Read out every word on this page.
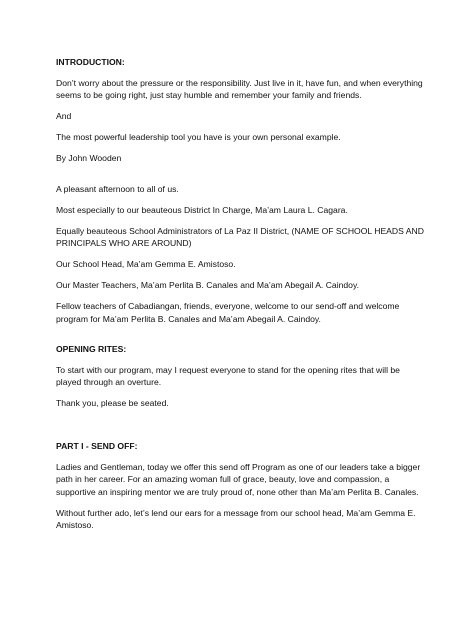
INTRODUCTION:
Don’t worry about the pressure or the responsibility. Just live in it, have fun, and when everything seems to be going right, just stay humble and remember your family and friends.
And
The most powerful leadership tool you have is your own personal example.
By John Wooden
A pleasant afternoon to all of us.
Most especially to our beauteous District In Charge, Ma’am Laura L. Cagara.
Equally beauteous School Administrators of La Paz II District, (NAME OF SCHOOL HEADS AND PRINCIPALS WHO ARE AROUND)
Our School Head, Ma’am Gemma E. Amistoso.
Our Master Teachers, Ma’am Perlita B. Canales and Ma’am Abegail A. Caindoy.
Fellow teachers of Cabadiangan, friends, everyone, welcome to our send-off and welcome program for Ma’am Perlita B. Canales and Ma’am Abegail A. Caindoy.
OPENING RITES:
To start with our program, may I request everyone to stand for the opening rites that will be played through an overture.
Thank you, please be seated.
PART I - SEND OFF:
Ladies and Gentleman, today we offer this send off Program as one of our leaders take a bigger path in her career. For an amazing woman full of grace, beauty, love and compassion, a supportive an inspiring mentor we are truly proud of, none other than Ma’am Perlita B. Canales.
Without further ado, let’s lend our ears for a message from our school head, Ma’am Gemma E. Amistoso.
